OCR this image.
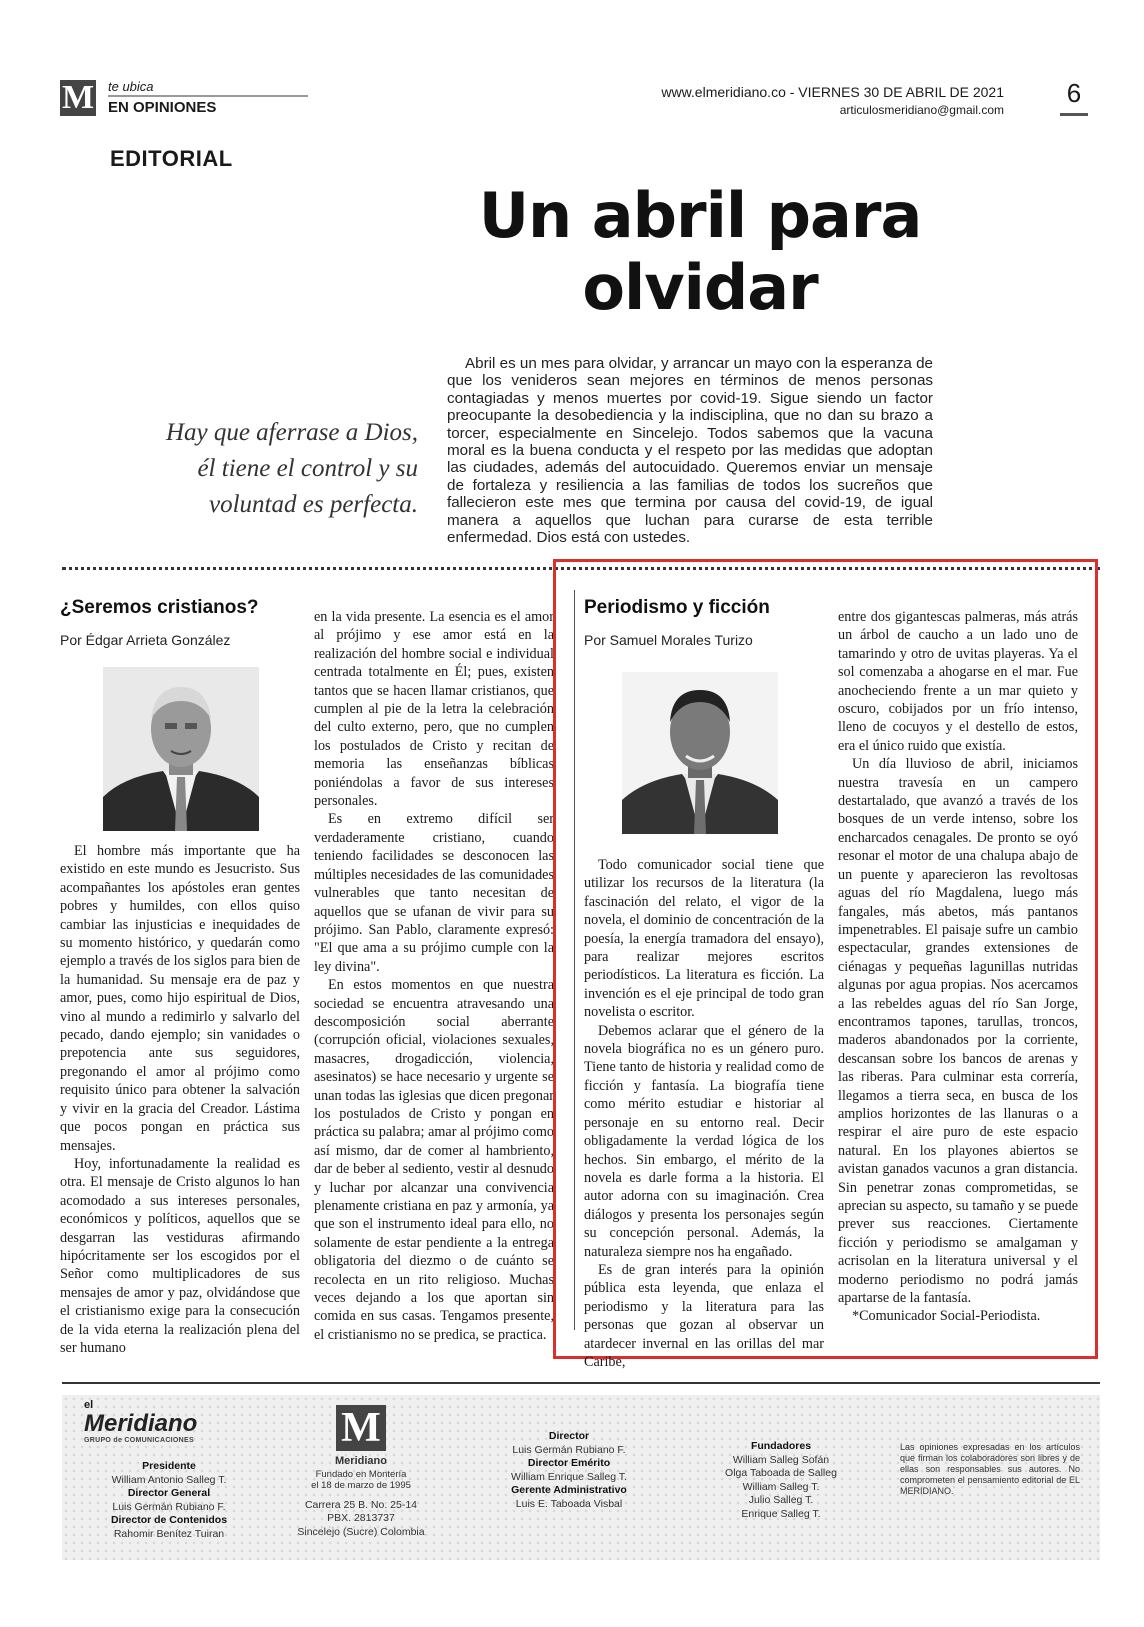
M te ubica
EN OPINIONES
www.elmeridiano.co - VIERNES 30 DE ABRIL DE 2021
articulosmeridiano@gmail.com
6
EDITORIAL
Un abril para
olvidar
Hay que aferrase a Dios, él tiene el control y su voluntad es perfecta.
Abril es un mes para olvidar, y arrancar un mayo con la esperanza de que los venideros sean mejores en términos de menos personas contagiadas y menos muertes por covid-19. Sigue siendo un factor preocupante la desobediencia y la indisciplina, que no dan su brazo a torcer, especialmente en Sincelejo. Todos sabemos que la vacuna moral es la buena conducta y el respeto por las medidas que adoptan las ciudades, además del autocuidado. Queremos enviar un mensaje de fortaleza y resiliencia a las familias de todos los sucreños que fallecieron este mes que termina por causa del covid-19, de igual manera a aquellos que luchan para curarse de esta terrible enfermedad. Dios está con ustedes.
¿Seremos cristianos?
Por Édgar Arrieta González

El hombre más importante que ha existido en este mundo es Jesucristo. Sus acompañantes los apóstoles eran gentes pobres y humildes, con ellos quiso cambiar las injusticias e inequidades de su momento histórico, y quedarán como ejemplo a través de los siglos para bien de la humanidad. Su mensaje era de paz y amor, pues, como hijo espiritual de Dios, vino al mundo a redimirlo y salvarlo del pecado, dando ejemplo; sin vanidades o prepotencia ante sus seguidores, pregonando el amor al prójimo como requisito único para obtener la salvación y vivir en la gracia del Creador. Lástima que pocos pongan en práctica sus mensajes.

Hoy, infortunadamente la realidad es otra. El mensaje de Cristo algunos lo han acomodado a sus intereses personales, económicos y políticos, aquellos que se desgarran las vestiduras afirmando hipócritamente ser los escogidos por el Señor como multiplicadores de sus mensajes de amor y paz, olvidándose que el cristianismo exige para la consecución de la vida eterna la realización plena del ser humano

en la vida presente. La esencia es el amor al prójimo y ese amor está en la realización del hombre social e individual centrada totalmente en Él; pues, existen tantos que se hacen llamar cristianos, que cumplen al pie de la letra la celebración del culto externo, pero, que no cumplen los postulados de Cristo y recitan de memoria las enseñanzas bíblicas poniéndolas a favor de sus intereses personales.

Es en extremo difícil ser verdaderamente cristiano, cuando teniendo facilidades se desconocen las múltiples necesidades de las comunidades vulnerables que tanto necesitan de aquellos que se ufanan de vivir para su prójimo. San Pablo, claramente expresó: "El que ama a su prójimo cumple con la ley divina".

En estos momentos en que nuestra sociedad se encuentra atravesando una descomposición social aberrante (corrupción oficial, violaciones sexuales, masacres, drogadicción, violencia, asesinatos) se hace necesario y urgente se unan todas las iglesias que dicen pregonar los postulados de Cristo y pongan en práctica su palabra; amar al prójimo como así mismo, dar de comer al hambriento, dar de beber al sediento, vestir al desnudo y luchar por alcanzar una convivencia plenamente cristiana en paz y armonía, ya que son el instrumento ideal para ello, no solamente de estar pendiente a la entrega obligatoria del diezmo o de cuánto se recolecta en un rito religioso. Muchas veces dejando a los que aportan sin comida en sus casas. Tengamos presente, el cristianismo no se predica, se practica.

Periodismo y ficción
Por Samuel Morales Turizo

Todo comunicador social tiene que utilizar los recursos de la literatura (la fascinación del relato, el vigor de la novela, el dominio de concentración de la poesía, la energía tramadora del ensayo), para realizar mejores escritos periodísticos. La literatura es ficción. La invención es el eje principal de todo gran novelista o escritor.

Debemos aclarar que el género de la novela biográfica no es un género puro. Tiene tanto de historia y realidad como de ficción y fantasía. La biografía tiene como mérito estudiar e historiar al personaje en su entorno real. Decir obligadamente la verdad lógica de los hechos. Sin embargo, el mérito de la novela es darle forma a la historia. El autor adorna con su imaginación. Crea diálogos y presenta los personajes según su concepción personal. Además, la naturaleza siempre nos ha engañado.

Es de gran interés para la opinión pública esta leyenda, que enlaza el periodismo y la literatura para las personas que gozan al observar un atardecer invernal en las orillas del mar Caribe,

entre dos gigantescas palmeras, más atrás un árbol de caucho a un lado uno de tamarindo y otro de uvitas playeras. Ya el sol comenzaba a ahogarse en el mar. Fue anocheciendo frente a un mar quieto y oscuro, cobijados por un frío intenso, lleno de cocuyos y el destello de estos, era el único ruido que existía.

Un día lluvioso de abril, iniciamos nuestra travesía en un campero destartalado, que avanzó a través de los bosques de un verde intenso, sobre los encharcados cenagales. De pronto se oyó resonar el motor de una chalupa abajo de un puente y aparecieron las revoltosas aguas del río Magdalena, luego más fangales, más abetos, más pantanos impenetrables. El paisaje sufre un cambio espectacular, grandes extensiones de ciénagas y pequeñas lagunillas nutridas algunas por agua propias. Nos acercamos a las rebeldes aguas del río San Jorge, encontramos tapones, tarullas, troncos, maderos abandonados por la corriente, descansan sobre los bancos de arenas y las riberas. Para culminar esta correría, llegamos a tierra seca, en busca de los amplios horizontes de las llanuras o a respirar el aire puro de este espacio natural. En los playones abiertos se avistan ganados vacunos a gran distancia. Sin penetrar zonas comprometidas, se aprecian su aspecto, su tamaño y se puede prever sus reacciones. Ciertamente ficción y periodismo se amalgaman y acrisolan en la literatura universal y el moderno periodismo no podrá jamás apartarse de la fantasía.

*Comunicador Social-Periodista.

el
Meridiano
GRUPO de COMUNICACIONES
Presidente
William Antonio Salleg T.
Director General
Luis Germán Rubiano F.
Director de Contenidos
Rahomir Benítez Tuiran
M
Meridiano
Fundado en Montería
el 18 de marzo de 1995
Carrera 25 B. No. 25-14
PBX. 2813737
Sincelejo (Sucre) Colombia
Director
Luis Germán Rubiano F.
Director Emérito
William Enrique Salleg T.
Gerente Administrativo
Luis E. Taboada Visbal
Fundadores
William Salleg Sofán
Olga Taboada de Salleg
William Salleg T.
Julio Salleg T.
Enrique Salleg T.
Las opiniones expresadas en los artículos que firman los colaboradores son libres y de ellas son responsables sus autores. No comprometen el pensamiento editorial de EL MERIDIANO.
